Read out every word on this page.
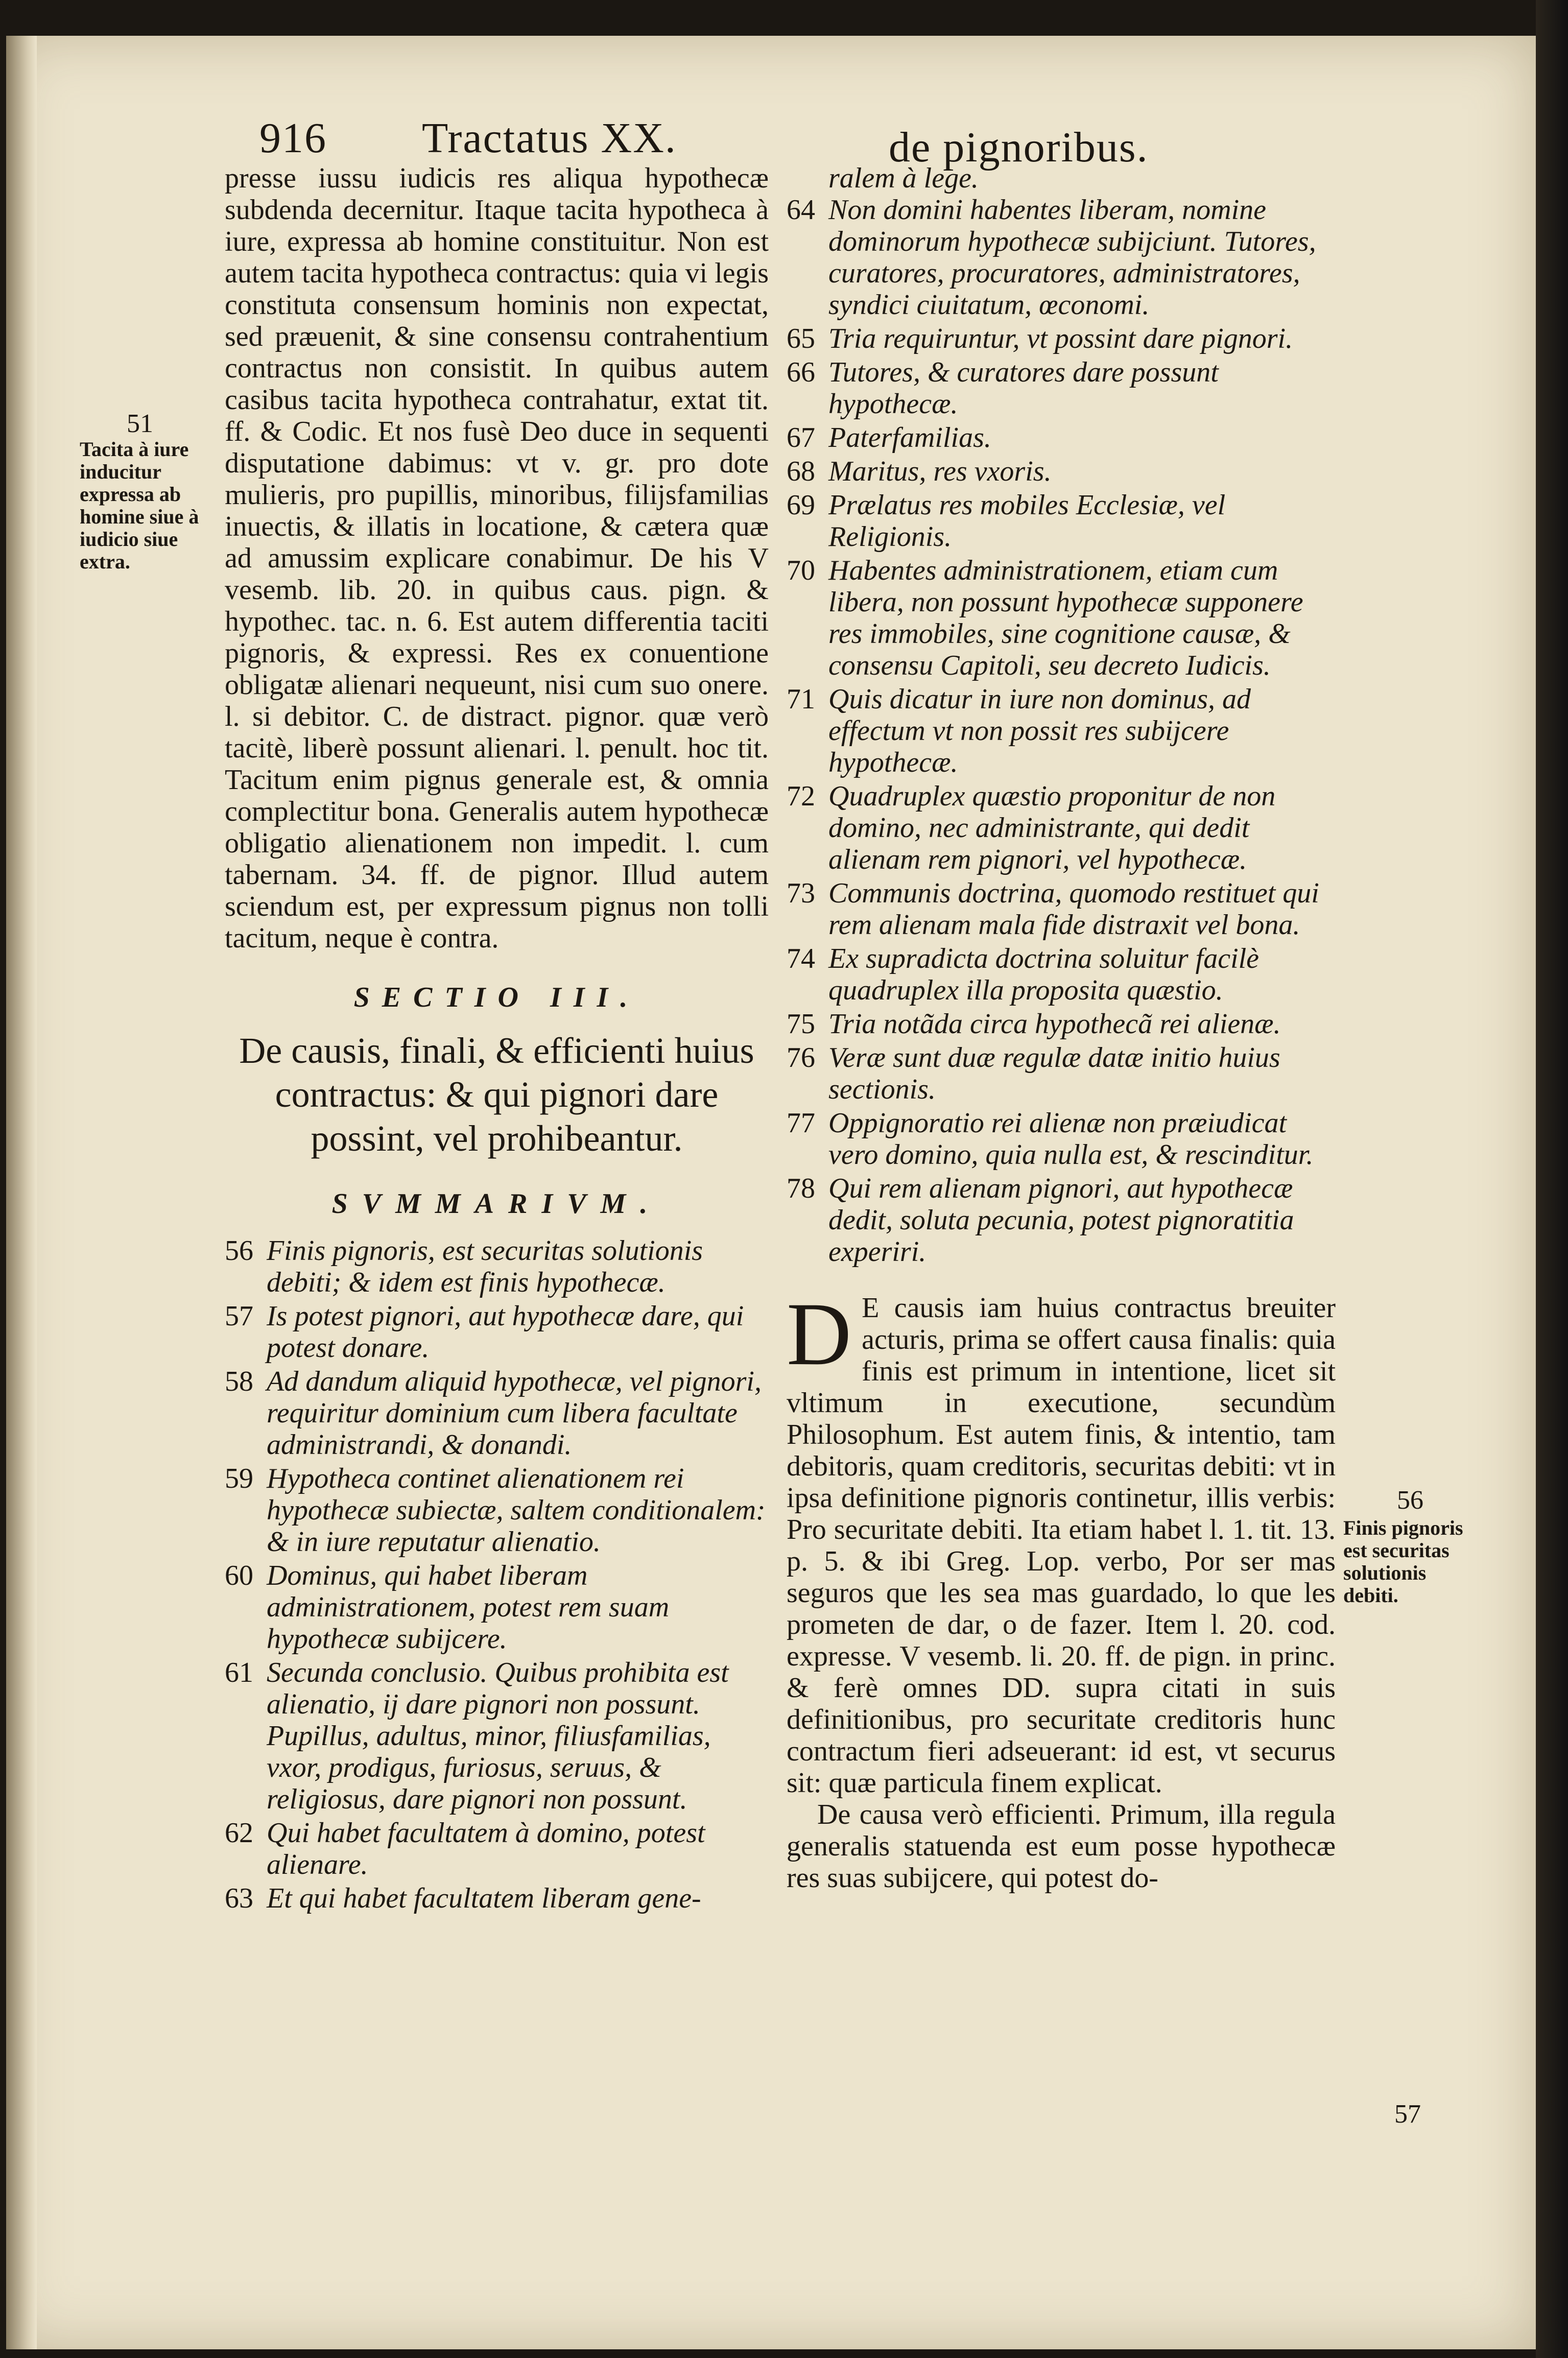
916 Tractatus XX.	de pignoribus.
51
Tacita à iure inducitur expressa ab homine siue à iudicio siue extra.

presse iussu iudicis res aliqua hypothecæ subdenda decernitur. Itaque tacita hypotheca à iure, expressa ab homine constituitur. Non est autem tacita hypotheca contractus: quia vi legis constituta consensum hominis non expectat, sed præuenit, & sine consensu contrahentium contractus non consistit. In quibus autem casibus tacita hypotheca contrahatur, extat tit. ff. & Codic. Et nos fusè Deo duce in sequenti disputatione dabimus: vt v. gr. pro dote mulieris, pro pupillis, minoribus, filijsfamilias inuectis, & illatis in locatione, & cætera quæ ad amussim explicare conabimur. De his V vesemb. lib. 20. in quibus caus. pign. & hypothec. tac. n. 6. Est autem differentia taciti pignoris, & expressi. Res ex conuentione obligatæ alienari nequeunt, nisi cum suo onere. l. si debitor. C. de distract. pignor. quæ verò tacitè, liberè possunt alienari. l. penult. hoc tit. Tacitum enim pignus generale est, & omnia complectitur bona. Generalis autem hypothecæ obligatio alienationem non impedit. l. cum tabernam. 34. ff. de pignor. Illud autem sciendum est, per expressum pignus non tolli tacitum, neque è contra.

SECTIO III.
De causis, finali, & efficienti huius contractus: & qui pignori dare possint, vel prohibeantur.
SVMMARIVM.
56 Finis pignoris, est securitas solutionis debiti; & idem est finis hypothecæ.
57 Is potest pignori, aut hypothecæ dare, qui potest donare.
58 Ad dandum aliquid hypothecæ, vel pignori, requiritur dominium cum libera facultate administrandi, & donandi.
59 Hypotheca continet alienationem rei hypothecæ subiectæ, saltem conditionalem: & in iure reputatur alienatio.
60 Dominus, qui habet liberam administrationem, potest rem suam hypothecæ subijcere.
61 Secunda conclusio. Quibus prohibita est alienatio, ij dare pignori non possunt. Pupillus, adultus, minor, filiusfamilias, vxor, prodigus, furiosus, seruus, & religiosus, dare pignori non possunt.
62 Qui habet facultatem à domino, potest alienare.
63 Et qui habet facultatem liberam gene-

ralem à lege.

64 Non domini habentes liberam, nomine dominorum hypothecæ subijciunt. Tutores, curatores, procuratores, administratores, syndici ciuitatum, œconomi.
65 Tria requiruntur, vt possint dare pignori.
66 Tutores, & curatores dare possunt hypothecæ.
67 Paterfamilias.
68 Maritus, res vxoris.
69 Prælatus res mobiles Ecclesiæ, vel Religionis.
70 Habentes administrationem, etiam cum libera, non possunt hypothecæ supponere res immobiles, sine cognitione causæ, & consensu Capitoli, seu decreto Iudicis.
71 Quis dicatur in iure non dominus, ad effectum vt non possit res subijcere hypothecæ.
72 Quadruplex quæstio proponitur de non domino, nec administrante, qui dedit alienam rem pignori, vel hypothecæ.
73 Communis doctrina, quomodo restituet qui rem alienam mala fide distraxit vel bona.
74 Ex supradicta doctrina soluitur facilè quadruplex illa proposita quæstio.
75 Tria notãda circa hypothecã rei alienæ.
76 Veræ sunt duæ regulæ datæ initio huius sectionis.
77 Oppignoratio rei alienæ non præiudicat vero domino, quia nulla est, & rescinditur.
78 Qui rem alienam pignori, aut hypothecæ dedit, soluta pecunia, potest pignoratitia experiri.
D E causis iam huius contractus breuiter acturis, prima se offert causa finalis: quia finis est primum in intentione, licet sit vltimum in executione, secundùm Philosophum. Est autem finis, & intentio, tam debitoris, quam creditoris, securitas debiti: vt in ipsa definitione pignoris continetur, illis verbis: Pro securitate debiti. Ita etiam habet l. 1. tit. 13. p. 5. & ibi Greg. Lop. verbo, Por ser mas seguros que les sea mas guardado, lo que les prometen de dar, o de fazer. Item l. 20. cod. expresse. V vesemb. li. 20. ff. de pign. in princ. & ferè omnes DD. supra citati in suis definitionibus, pro securitate creditoris hunc contractum fieri adseuerant: id est, vt securus sit: quæ particula finem explicat.

De causa verò efficienti. Primum, illa regula generalis statuenda est eum posse hypothecæ res suas subijcere, qui potest do-

56
Finis pignoris est securitas solutionis debiti.
57
